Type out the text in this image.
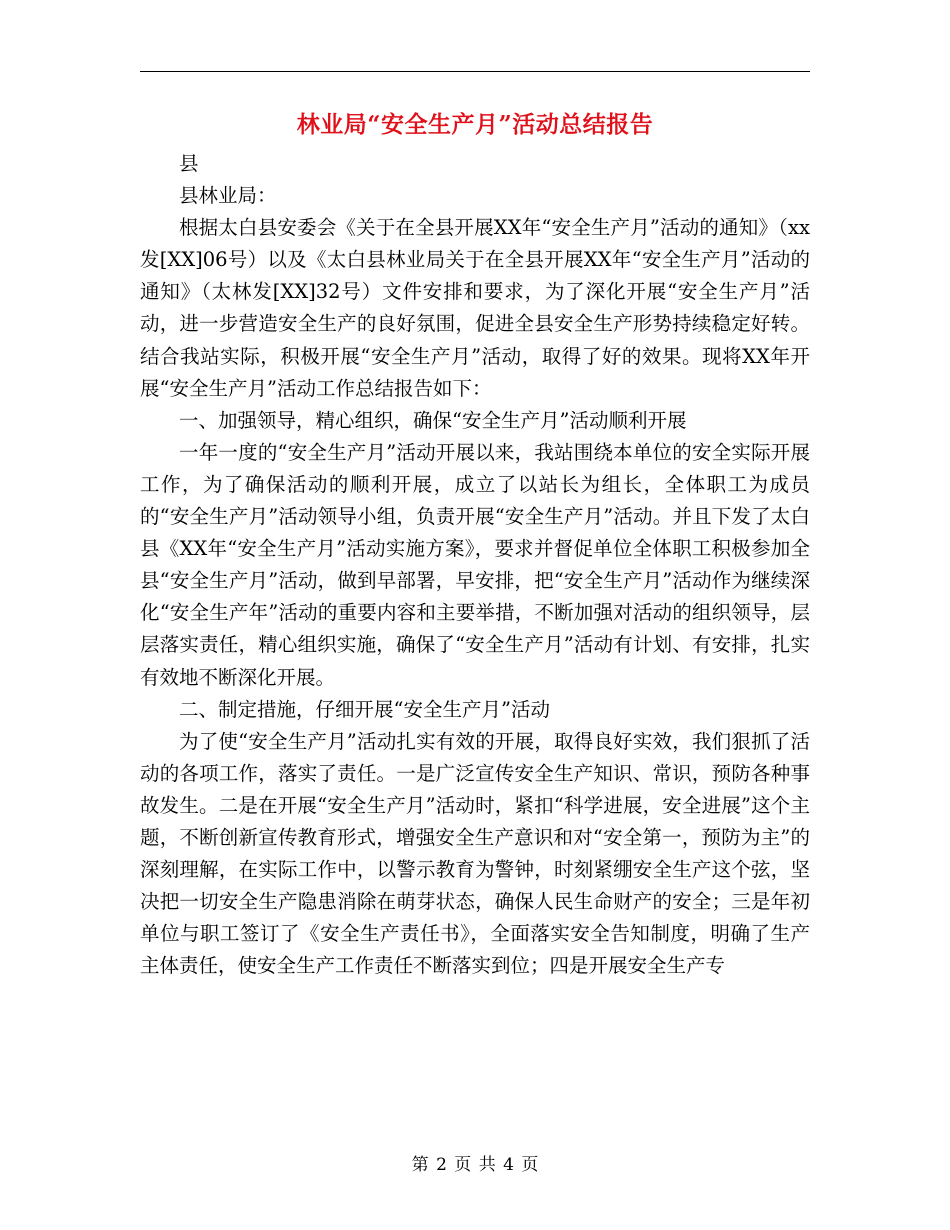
林业局“安全生产月”活动总结报告

县

县林业局：

根据太白县安委会《关于在全县开展XX年“安全生产月”活动的通知》（xx发[XX]06号）以及《太白县林业局关于在全县开展XX年“安全生产月”活动的通知》（太林发[XX]32号）文件安排和要求，为了深化开展“安全生产月”活动，进一步营造安全生产的良好氛围，促进全县安全生产形势持续稳定好转。结合我站实际，积极开展“安全生产月”活动，取得了好的效果。现将XX年开展“安全生产月”活动工作总结报告如下：

一、加强领导，精心组织，确保“安全生产月”活动顺利开展

一年一度的“安全生产月”活动开展以来，我站围绕本单位的安全实际开展工作，为了确保活动的顺利开展，成立了以站长为组长，全体职工为成员的“安全生产月”活动领导小组，负责开展“安全生产月”活动。并且下发了太白县《XX年“安全生产月”活动实施方案》，要求并督促单位全体职工积极参加全县“安全生产月”活动，做到早部署，早安排，把“安全生产月”活动作为继续深化“安全生产年”活动的重要内容和主要举措，不断加强对活动的组织领导，层层落实责任，精心组织实施，确保了“安全生产月”活动有计划、有安排，扎实有效地不断深化开展。

二、制定措施，仔细开展“安全生产月”活动

为了使“安全生产月”活动扎实有效的开展，取得良好实效，我们狠抓了活动的各项工作，落实了责任。一是广泛宣传安全生产知识、常识，预防各种事故发生。二是在开展“安全生产月”活动时，紧扣“科学进展，安全进展”这个主题，不断创新宣传教育形式，增强安全生产意识和对“安全第一，预防为主”的深刻理解，在实际工作中，以警示教育为警钟，时刻紧绷安全生产这个弦，坚决把一切安全生产隐患消除在萌芽状态，确保人民生命财产的安全；三是年初单位与职工签订了《安全生产责任书》，全面落实安全告知制度，明确了生产主体责任，使安全生产工作责任不断落实到位；四是开展安全生产专

第 2 页 共 4 页
